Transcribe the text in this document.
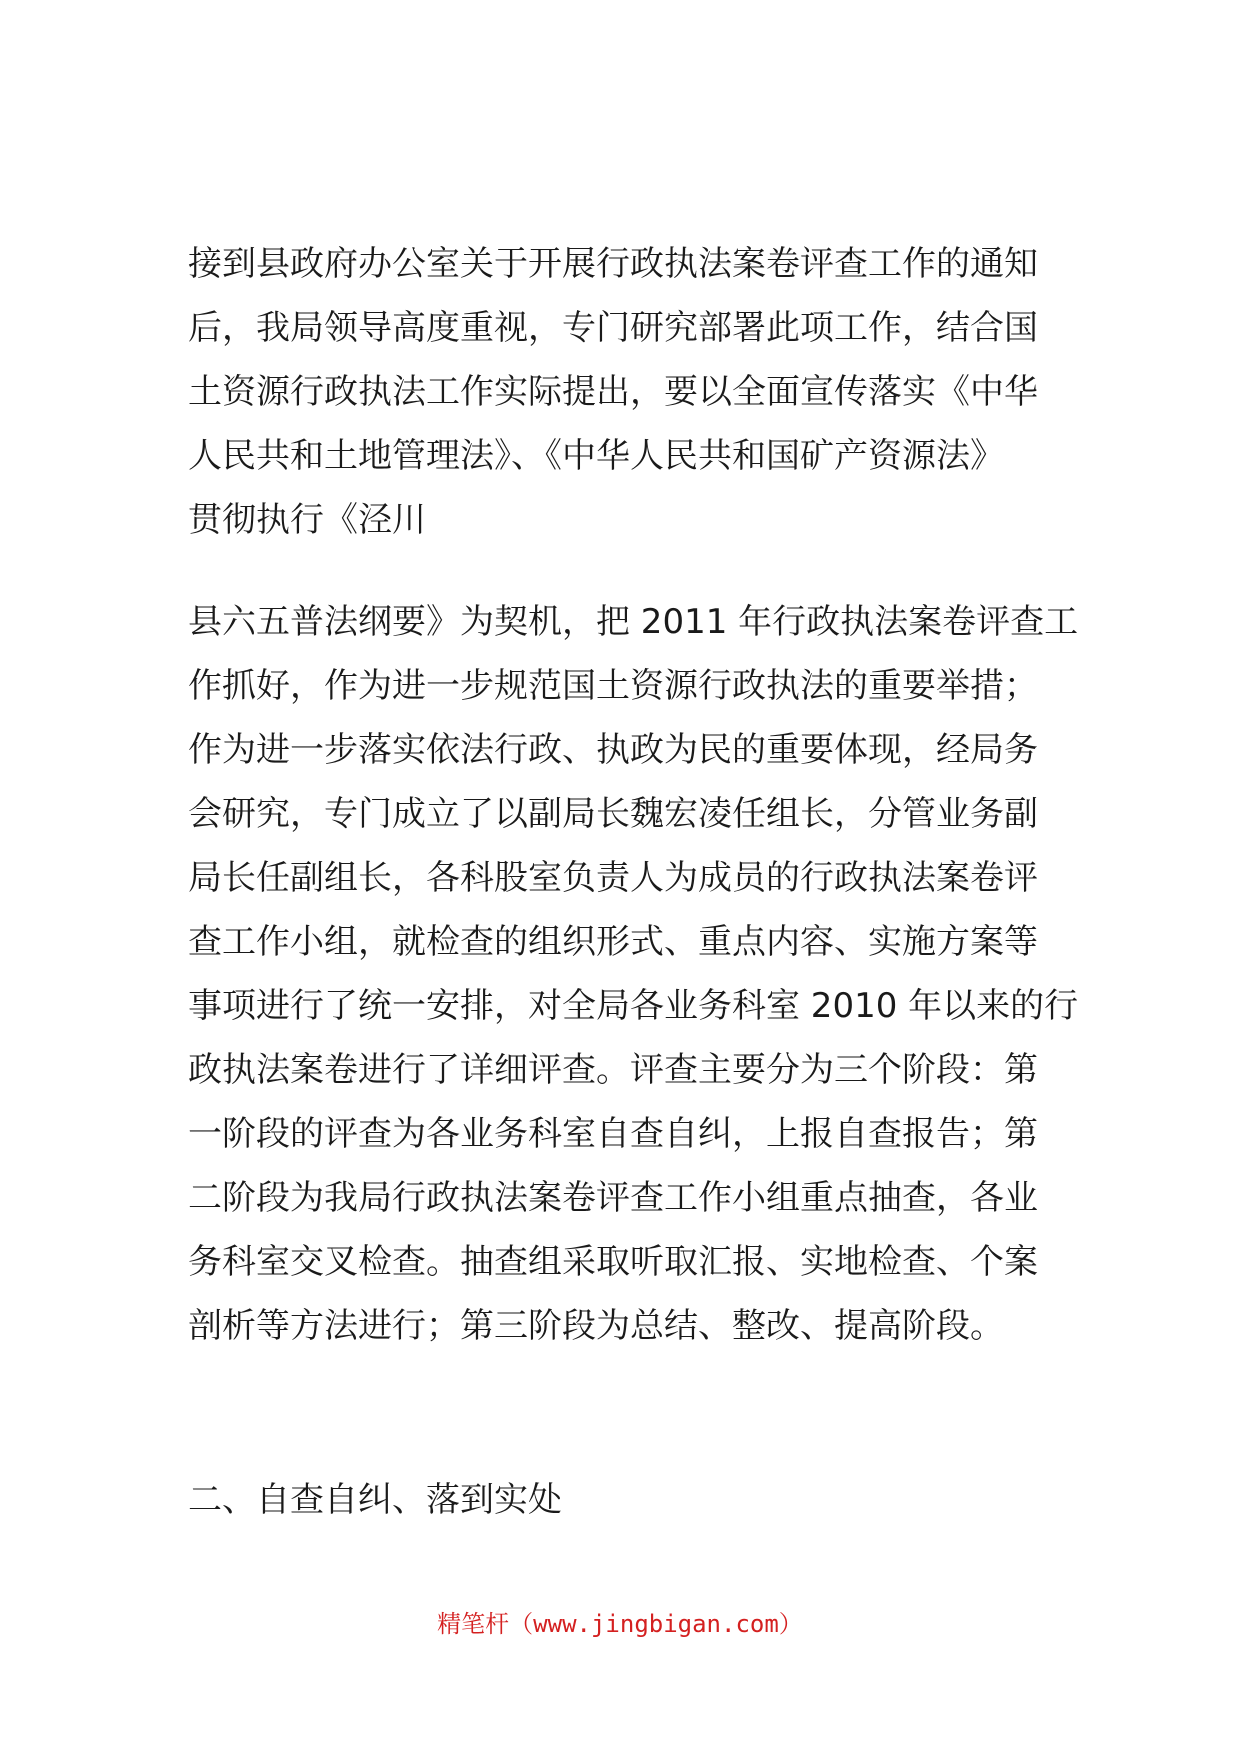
接到县政府办公室关于开展行政执法案卷评查工作的通知
后，我局领导高度重视，专门研究部署此项工作，结合国
土资源行政执法工作实际提出，要以全面宣传落实《中华
人民共和土地管理法》、《中华人民共和国矿产资源法》
贯彻执行《泾川
县六五普法纲要》为契机，把 2011 年行政执法案卷评查工
作抓好，作为进一步规范国土资源行政执法的重要举措；
作为进一步落实依法行政、执政为民的重要体现，经局务
会研究，专门成立了以副局长魏宏凌任组长，分管业务副
局长任副组长，各科股室负责人为成员的行政执法案卷评
查工作小组，就检查的组织形式、重点内容、实施方案等
事项进行了统一安排，对全局各业务科室 2010 年以来的行
政执法案卷进行了详细评查。评查主要分为三个阶段：第
一阶段的评查为各业务科室自查自纠，上报自查报告；第
二阶段为我局行政执法案卷评查工作小组重点抽查，各业
务科室交叉检查。抽查组采取听取汇报、实地检查、个案
剖析等方法进行；第三阶段为总结、整改、提高阶段。
二、自查自纠、落到实处
精笔杆（www.jingbigan.com）
